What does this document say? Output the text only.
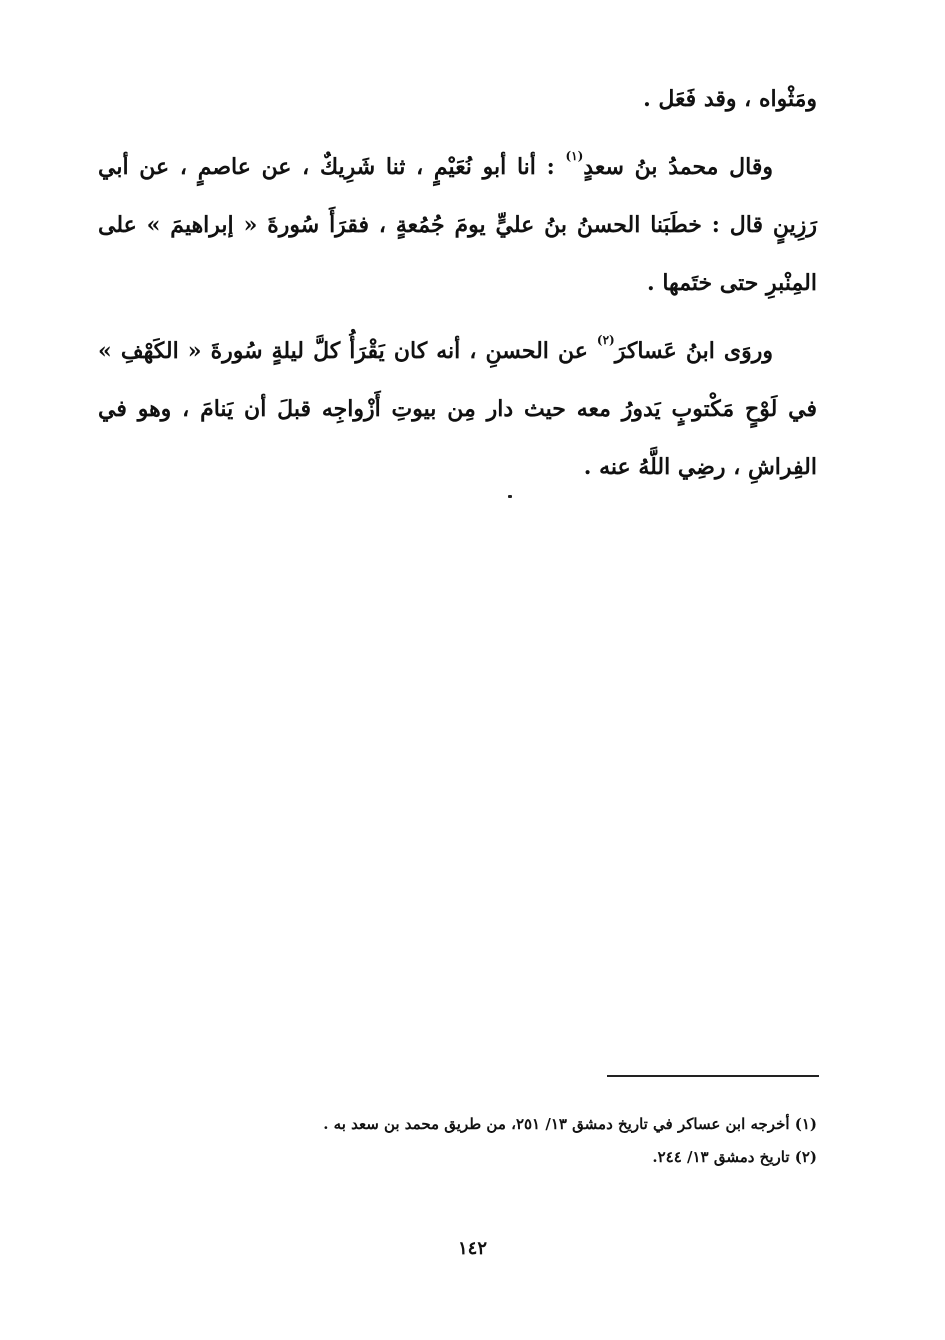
ومَثْواه ، وقد فَعَل .

وقال محمدُ بنُ سعدٍ$^{(١)}$ : أنا أبو نُعَيْمٍ ، ثنا شَرِيكٌ ، عن عاصمٍ ، عن أبي رَزِينٍ قال : خطَبَنا الحسنُ بنُ عليٍّ يومَ جُمُعةٍ ، فقرَأَ سُورةَ « إبراهيمَ » على المِنْبرِ حتى ختَمها .

وروَى ابنُ عَساكرَ$^{(٢)}$ عن الحسنِ ، أنه كان يَقْرَأُ كلَّ ليلةٍ سُورةَ « الكَهْفِ » في لَوْحٍ مَكْتوبٍ يَدورُ معه حيث دار مِن بيوتِ أَزْواجِه قبلَ أن يَنامَ ، وهو في الفِراشِ ، رضِي اللَّهُ عنه .

(١) أخرجه ابن عساكر في تاريخ دمشق ١٣/ ٢٥١، من طريق محمد بن سعد به .

(٢) تاريخ دمشق ١٣/ ٢٤٤.

١٤٢
